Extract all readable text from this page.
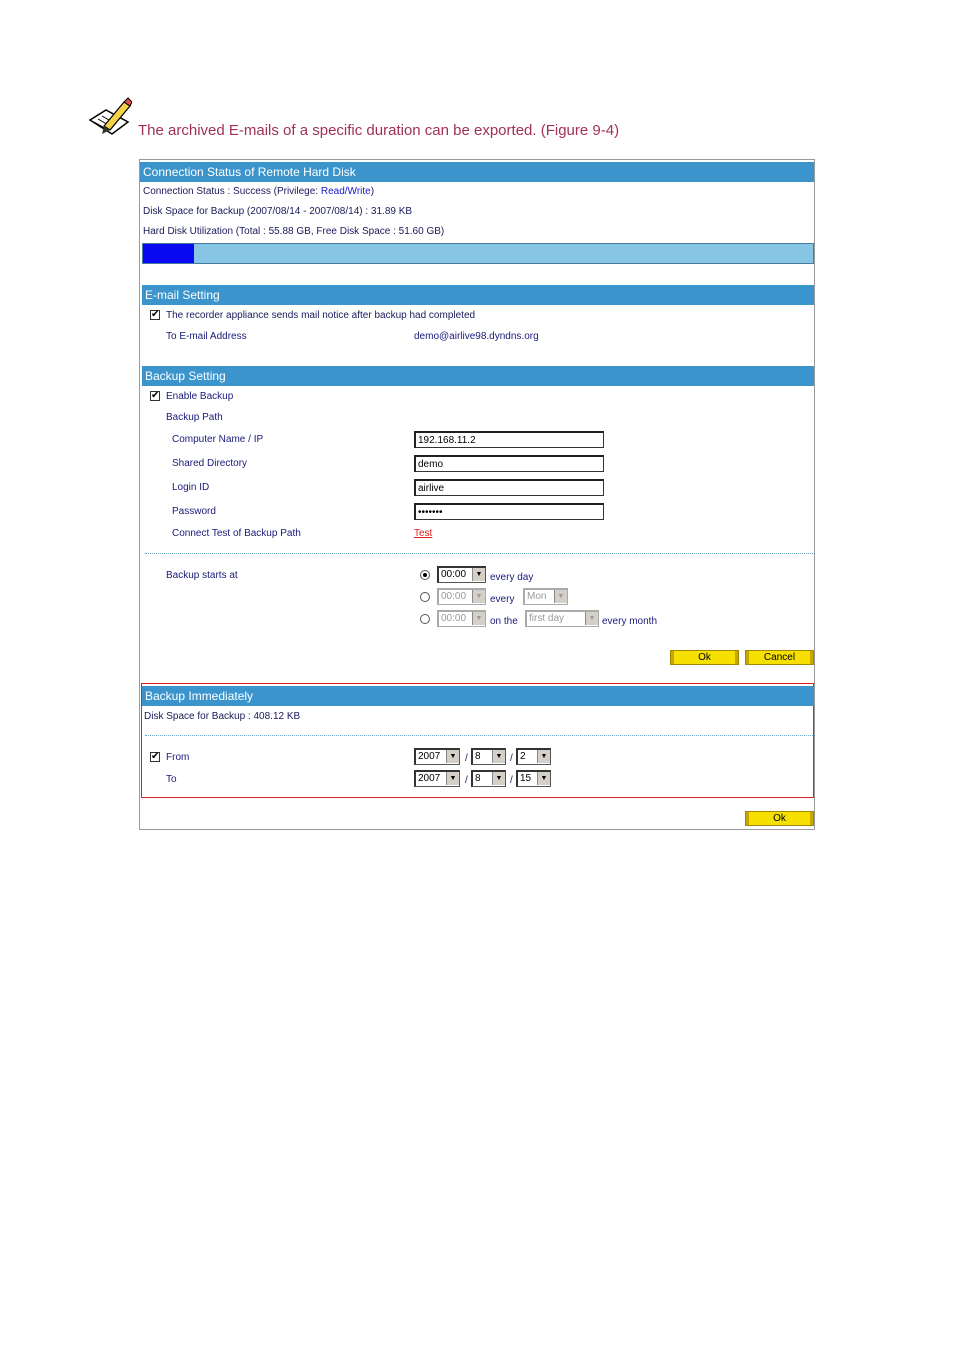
The archived E-mails of a specific duration can be exported. (Figure 9-4)
Connection Status of Remote Hard Disk
Connection Status : Success (Privilege: Read/Write)
Disk Space for Backup (2007/08/14 - 2007/08/14) : 31.89 KB
Hard Disk Utilization (Total : 55.88 GB, Free Disk Space : 51.60 GB)
E-mail Setting
✔ The recorder appliance sends mail notice after backup had completed
To E-mail Address	demo@airlive98.dyndns.org
Backup Setting
✔ Enable Backup
Backup Path
Computer Name / IP
192.168.11.2
Shared Directory
demo
Login ID
airlive
Password
•••••••
Connect Test of Backup Path	Test
Backup starts at	00:00	▼ every day
00:00	▼ every	Mon	▼
00:00	▼ on the	first day	▼ every month
Ok	Cancel
Backup Immediately
Disk Space for Backup : 408.12 KB
✔ From	2007	▼ / 8	▼ / 2	▼
To	2007	▼ / 8	▼ / 15	▼
Ok
